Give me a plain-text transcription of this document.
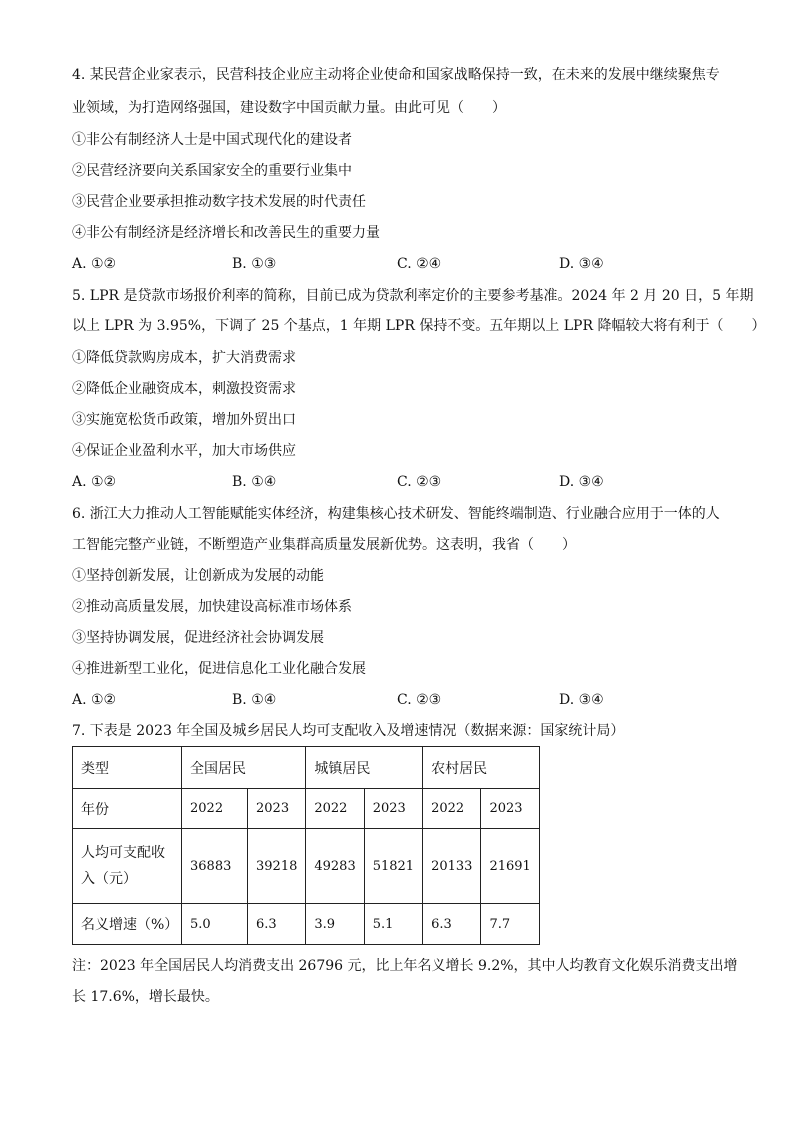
4. 某民营企业家表示，民营科技企业应主动将企业使命和国家战略保持一致，在未来的发展中继续聚焦专
业领域，为打造网络强国，建设数字中国贡献力量。由此可见（　　）
①非公有制经济人士是中国式现代化的建设者
②民营经济要向关系国家安全的重要行业集中
③民营企业要承担推动数字技术发展的时代责任
④非公有制经济是经济增长和改善民生的重要力量
A. ①②	B. ①③	C. ②④	D. ③④
5. LPR 是贷款市场报价利率的简称，目前已成为贷款利率定价的主要参考基准。2024 年 2 月 20 日，5 年期
以上 LPR 为 3.95%，下调了 25 个基点，1 年期 LPR 保持不变。五年期以上 LPR 降幅较大将有利于（　　）
①降低贷款购房成本，扩大消费需求
②降低企业融资成本，刺激投资需求
③实施宽松货币政策，增加外贸出口
④保证企业盈利水平，加大市场供应
A. ①②	B. ①④	C. ②③	D. ③④
6. 浙江大力推动人工智能赋能实体经济，构建集核心技术研发、智能终端制造、行业融合应用于一体的人
工智能完整产业链，不断塑造产业集群高质量发展新优势。这表明，我省（　　）
①坚持创新发展，让创新成为发展的动能
②推动高质量发展，加快建设高标准市场体系
③坚持协调发展，促进经济社会协调发展
④推进新型工业化，促进信息化工业化融合发展
A. ①②	B. ①④	C. ②③	D. ③④
7. 下表是 2023 年全国及城乡居民人均可支配收入及增速情况（数据来源：国家统计局）
类型	全国居民		城镇居民		农村居民	
年份	2022	2023	2022	2023	2022	2023
人均可支配收入（元）	36883	39218	49283	51821	20133	21691
名义增速（%）	5.0	6.3	3.9	5.1	6.3	7.7
注：2023 年全国居民人均消费支出 26796 元，比上年名义增长 9.2%，其中人均教育文化娱乐消费支出增
长 17.6%，增长最快。
